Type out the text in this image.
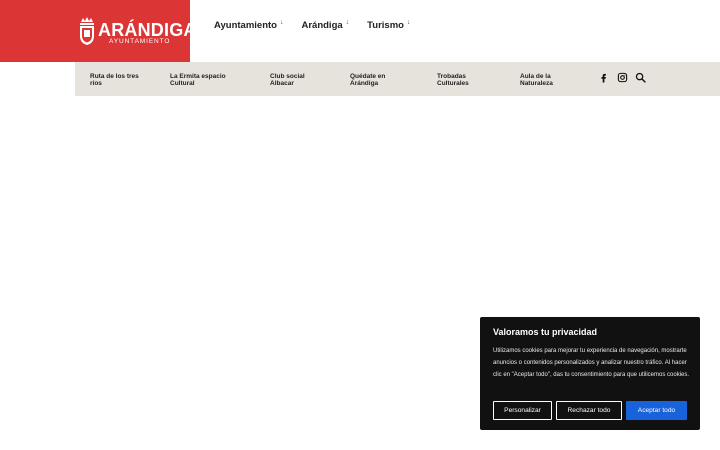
ARÁNDIGA
AYUNTAMIENTO
Ayuntamiento ↓ Arándiga ↓ Turismo ↓
Ruta de los tres
ríos
La Ermita espacio
Cultural
Club social
Albacar
Quédate en
Arándiga
Trobadas
Culturales
Aula de la
Naturaleza
Valoramos tu privacidad
Utilizamos cookies para mejorar tu experiencia de navegación, mostrarte anuncios o contenidos personalizados y analizar nuestro tráfico. Al hacer clic en "Aceptar todo", das tu consentimiento para que utilicemos cookies.
Personalizar	Rechazar todo	Aceptar todo
